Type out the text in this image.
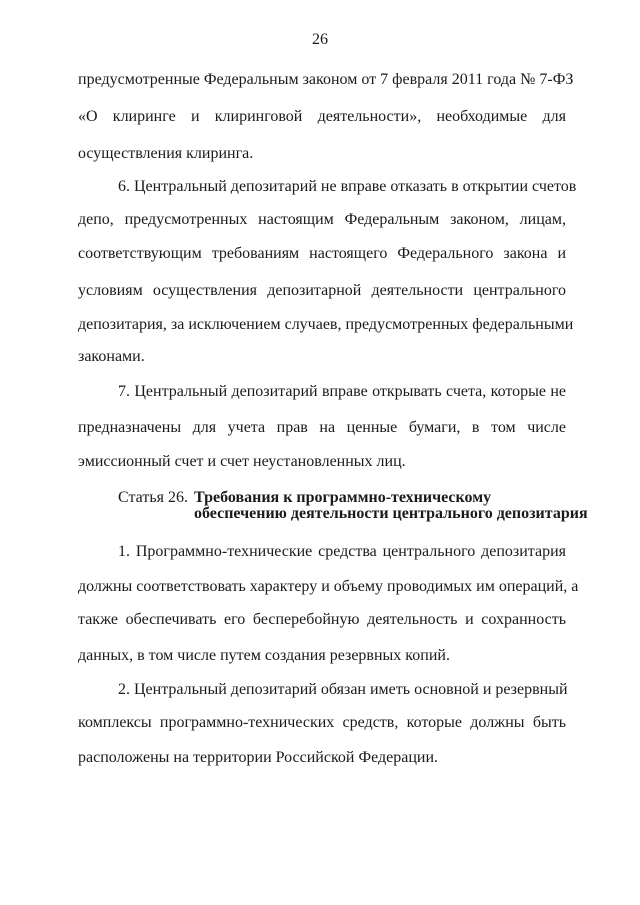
26
предусмотренные Федеральным законом от 7 февраля 2011 года № 7-ФЗ
«О клиринге и клиринговой деятельности», необходимые для
осуществления клиринга.
6. Центральный депозитарий не вправе отказать в открытии счетов
депо, предусмотренных настоящим Федеральным законом, лицам,
соответствующим требованиям настоящего Федерального закона и
условиям осуществления депозитарной деятельности центрального
депозитария, за исключением случаев, предусмотренных федеральными
законами.
7. Центральный депозитарий вправе открывать счета, которые не
предназначены для учета прав на ценные бумаги, в том числе
эмиссионный счет и счет неустановленных лиц.
Статья 26. Требования к программно-техническому
обеспечению деятельности центрального депозитария
1. Программно-технические средства центрального депозитария
должны соответствовать характеру и объему проводимых им операций, а
также обеспечивать его бесперебойную деятельность и сохранность
данных, в том числе путем создания резервных копий.
2. Центральный депозитарий обязан иметь основной и резервный
комплексы программно-технических средств, которые должны быть
расположены на территории Российской Федерации.
